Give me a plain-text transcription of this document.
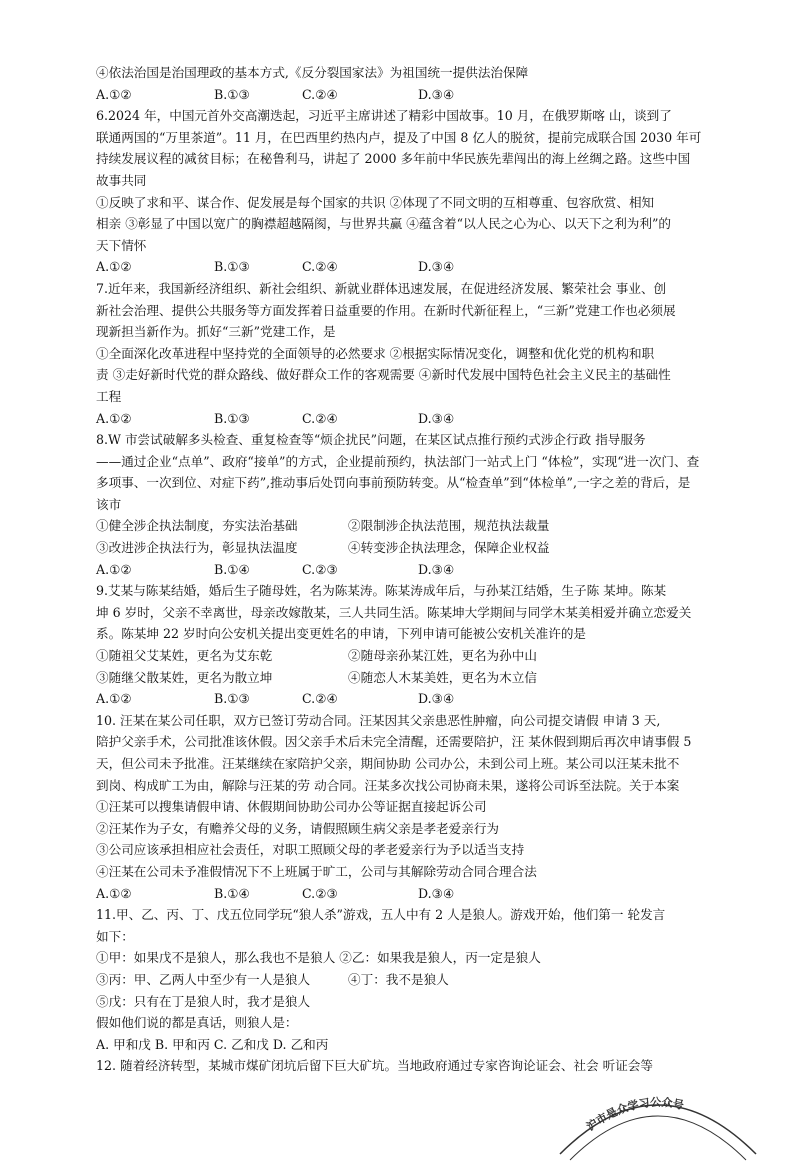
④依法治国是治国理政的基本方式,《反分裂国家法》为祖国统一提供法治保障
A.①②	B.①③	C.②④	D.③④
6.2024 年，中国元首外交高潮迭起，习近平主席讲述了精彩中国故事。10 月，在俄罗斯喀 山，谈到了
联通两国的“万里茶道”。11 月，在巴西里约热内卢，提及了中国 8 亿人的脱贫，提前完成联合国 2030 年可
持续发展议程的减贫目标；在秘鲁利马，讲起了 2000 多年前中华民族先辈闯出的海上丝绸之路。这些中国
故事共同
①反映了求和平、谋合作、促发展是每个国家的共识 ②体现了不同文明的互相尊重、包容欣赏、相知
相亲 ③彰显了中国以宽广的胸襟超越隔阂，与世界共赢 ④蕴含着“以人民之心为心、以天下之利为利”的
天下情怀
A.①②	B.①③	C.②④	D.③④
7.近年来，我国新经济组织、新社会组织、新就业群体迅速发展，在促进经济发展、繁荣社会 事业、创
新社会治理、提供公共服务等方面发挥着日益重要的作用。在新时代新征程上，“三新”党建工作也必须展
现新担当新作为。抓好“三新”党建工作，是
①全面深化改革进程中坚持党的全面领导的必然要求 ②根据实际情况变化，调整和优化党的机构和职
责 ③走好新时代党的群众路线、做好群众工作的客观需要 ④新时代发展中国特色社会主义民主的基础性
工程
A.①②	B.①③	C.②④	D.③④
8.W 市尝试破解多头检查、重复检查等“烦企扰民”问题，在某区试点推行预约式涉企行政 指导服务
——通过企业“点单”、政府“接单”的方式，企业提前预约，执法部门一站式上门 “体检”，实现“进一次门、查
多项事、一次到位、对症下药”,推动事后处罚向事前预防转变。从“检查单”到“体检单”,一字之差的背后，是
该市
①健全涉企执法制度，夯实法治基础	②限制涉企执法范围，规范执法裁量
③改进涉企执法行为，彰显执法温度	④转变涉企执法理念，保障企业权益
A.①②	B.①④	C.②③	D.③④
9.艾某与陈某结婚，婚后生子随母姓，名为陈某涛。陈某涛成年后，与孙某江结婚，生子陈 某坤。陈某
坤 6 岁时，父亲不幸离世，母亲改嫁散某，三人共同生活。陈某坤大学期间与同学木某美相爱并确立恋爱关
系。陈某坤 22 岁时向公安机关提出变更姓名的申请，下列申请可能被公安机关准许的是
①随祖父艾某姓，更名为艾东乾	②随母亲孙某江姓，更名为孙中山
③随继父散某姓，更名为散立坤	④随恋人木某美姓，更名为木立信
A.①②	B.①③	C.②④	D.③④
10. 汪某在某公司任职，双方已签订劳动合同。汪某因其父亲患恶性肿瘤，向公司提交请假 申请 3 天,
陪护父亲手术，公司批准该休假。因父亲手术后未完全清醒，还需要陪护，汪 某休假到期后再次申请事假 5
天，但公司未予批准。汪某继续在家陪护父亲，期间协助 公司办公，未到公司上班。某公司以汪某未批不
到岗、构成旷工为由，解除与汪某的劳 动合同。汪某多次找公司协商未果，遂将公司诉至法院。关于本案
①汪某可以搜集请假申请、休假期间协助公司办公等证据直接起诉公司
②汪某作为子女，有赡养父母的义务，请假照顾生病父亲是孝老爱亲行为
③公司应该承担相应社会责任，对职工照顾父母的孝老爱亲行为予以适当支持
④汪某在公司未予准假情况下不上班属于旷工，公司与其解除劳动合同合理合法
A.①②	B.①④	C.②③	D.③④
11.甲、乙、丙、丁、戊五位同学玩“狼人杀”游戏，五人中有 2 人是狼人。游戏开始，他们第一 轮发言
如下：
①甲：如果戊不是狼人，那么我也不是狼人 ②乙：如果我是狼人，丙一定是狼人
③丙：甲、乙两人中至少有一人是狼人	④丁：我不是狼人
⑤戊：只有在丁是狼人时，我才是狼人
假如他们说的都是真话，则狼人是：
A. 甲和戊 B. 甲和丙 C. 乙和戊 D. 乙和丙
12. 随着经济转型，某城市煤矿闭坑后留下巨大矿坑。当地政府通过专家咨询论证会、社会 听证会等
沪市是众学习公众号
